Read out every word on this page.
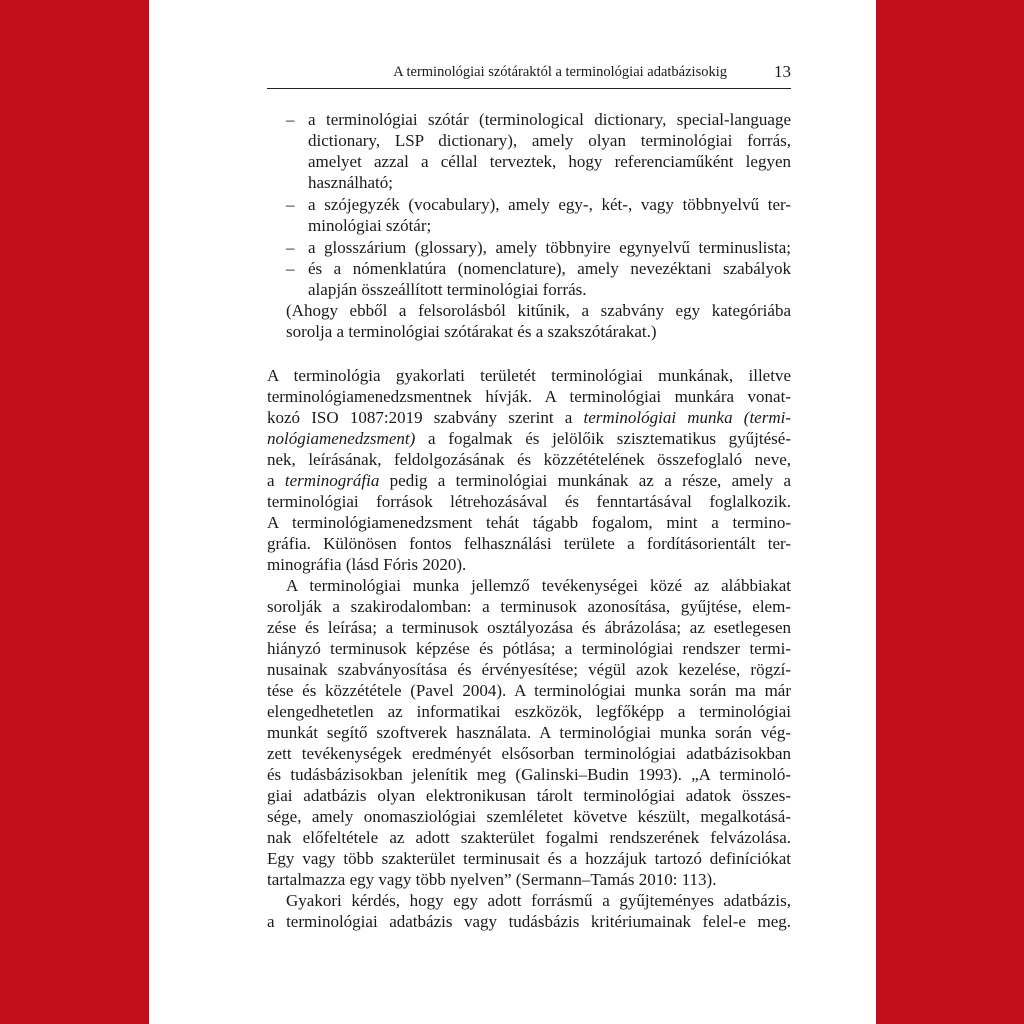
A terminológiai szótáraktól a terminológiai adatbázisokig	13
– a terminológiai szótár (terminological dictionary, special-language
dictionary, LSP dictionary), amely olyan terminológiai forrás,
amelyet azzal a céllal terveztek, hogy referenciaműként legyen
használható;
– a szójegyzék (vocabulary), amely egy-, két-, vagy többnyelvű ter-
minológiai szótár;
– a glosszárium (glossary), amely többnyire egynyelvű terminuslista;
– és a nómenklatúra (nomenclature), amely nevezéktani szabályok
alapján összeállított terminológiai forrás.
(Ahogy ebből a felsorolásból kitűnik, a szabvány egy kategóriába
sorolja a terminológiai szótárakat és a szakszótárakat.)
A terminológia gyakorlati területét terminológiai munkának, illetve
terminológiamenedzsmentnek hívják. A terminológiai munkára vonat-
kozó ISO 1087:2019 szabvány szerint a terminológiai munka (termi-
nológiamenedzsment) a fogalmak és jelölőik szisztematikus gyűjtésé-
nek, leírásának, feldolgozásának és közzétételének összefoglaló neve,
a terminográfia pedig a terminológiai munkának az a része, amely a
terminológiai források létrehozásával és fenntartásával foglalkozik.
A terminológiamenedzsment tehát tágabb fogalom, mint a termino-
gráfia. Különösen fontos felhasználási területe a fordításorientált ter-
minográfia (lásd Fóris 2020).
A terminológiai munka jellemző tevékenységei közé az alábbiakat
sorolják a szakirodalomban: a terminusok azonosítása, gyűjtése, elem-
zése és leírása; a terminusok osztályozása és ábrázolása; az esetlegesen
hiányzó terminusok képzése és pótlása; a terminológiai rendszer termi-
nusainak szabványosítása és érvényesítése; végül azok kezelése, rögzí-
tése és közzététele (Pavel 2004). A terminológiai munka során ma már
elengedhetetlen az informatikai eszközök, legfőképp a terminológiai
munkát segítő szoftverek használata. A terminológiai munka során vég-
zett tevékenységek eredményét elsősorban terminológiai adatbázisokban
és tudásbázisokban jelenítik meg (Galinski–Budin 1993). „A terminoló-
giai adatbázis olyan elektronikusan tárolt terminológiai adatok összes-
sége, amely onomasziológiai szemléletet követve készült, megalkotásá-
nak előfeltétele az adott szakterület fogalmi rendszerének felvázolása.
Egy vagy több szakterület terminusait és a hozzájuk tartozó definíciókat
tartalmazza egy vagy több nyelven” (Sermann–Tamás 2010: 113).
Gyakori kérdés, hogy egy adott forrásmű a gyűjteményes adatbázis,
a terminológiai adatbázis vagy tudásbázis kritériumainak felel-e meg.
